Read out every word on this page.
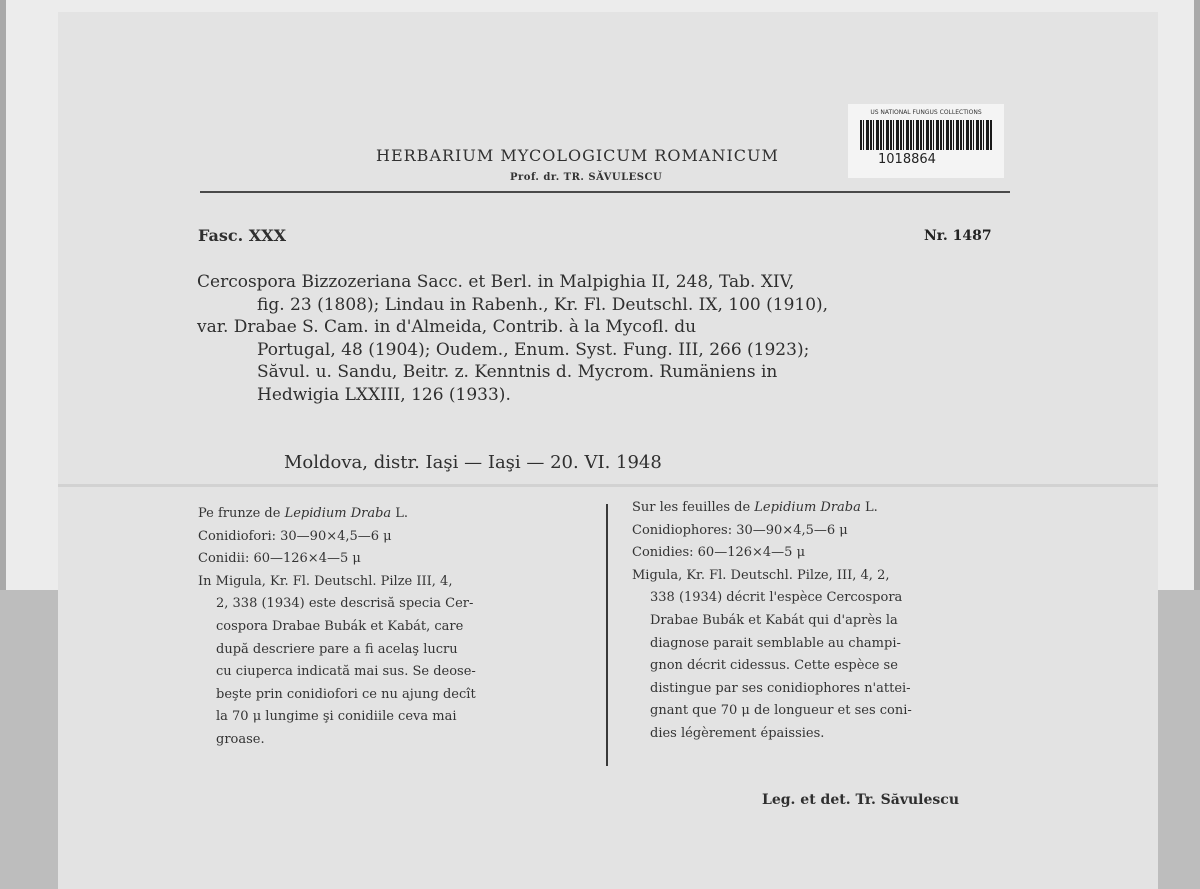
US NATIONAL FUNGUS COLLECTIONS
1018864
HERBARIUM MYCOLOGICUM ROMANICUM
Prof. dr. TR. SĂVULESCU
Fasc. XXX	Nr. 1487
Cercospora Bizzozeriana Sacc. et Berl. in Malpighia II, 248, Tab. XIV,
fig. 23 (1808); Lindau in Rabenh., Kr. Fl. Deutschl. IX, 100 (1910),
var. Drabae S. Cam. in d'Almeida, Contrib. à la Mycofl. du
Portugal, 48 (1904); Oudem., Enum. Syst. Fung. III, 266 (1923);
Săvul. u. Sandu, Beitr. z. Kenntnis d. Mycrom. Rumäniens in
Hedwigia LXXIII, 126 (1933).
Moldova, distr. Iaşi — Iaşi — 20. VI. 1948
Pe frunze de Lepidium Draba L.
Conidiofori: 30—90×4,5—6 μ
Conidii: 60—126×4—5 μ
In Migula, Kr. Fl. Deutschl. Pilze III, 4,
2, 338 (1934) este descrisă specia Cer-
cospora Drabae Bubák et Kabát, care
după descriere pare a fi acelaş lucru
cu ciuperca indicată mai sus. Se deose-
beşte prin conidiofori ce nu ajung decît
la 70 μ lungime şi conidiile ceva mai
groase.
Sur les feuilles de Lepidium Draba L.
Conidiophores: 30—90×4,5—6 μ
Conidies: 60—126×4—5 μ
Migula, Kr. Fl. Deutschl. Pilze, III, 4, 2,
338 (1934) décrit l'espèce Cercospora
Drabae Bubák et Kabát qui d'après la
diagnose parait semblable au champi-
gnon décrit cidessus. Cette espèce se
distingue par ses conidiophores n'attei-
gnant que 70 μ de longueur et ses coni-
dies légèrement épaissies.
Leg. et det. Tr. Săvulescu
